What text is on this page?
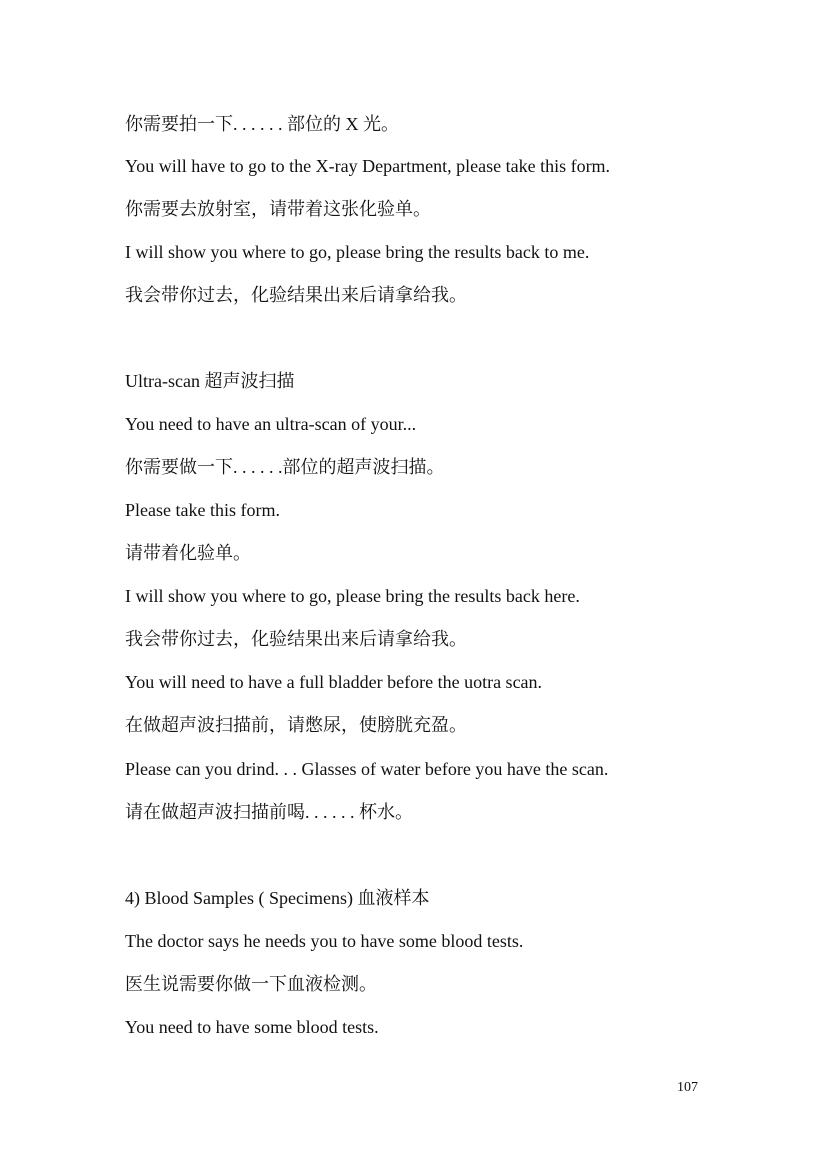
你需要拍一下. . . . . . 部位的 X 光。
You will have to go to the X-ray Department, please take this form.
你需要去放射室，请带着这张化验单。
I will show you where to go, please bring the results back to me.
我会带你过去，化验结果出来后请拿给我。
Ultra-scan 超声波扫描
You need to have an ultra-scan of your...
你需要做一下. . . . . .部位的超声波扫描。
Please take this form.
请带着化验单。
I will show you where to go, please bring the results back here.
我会带你过去，化验结果出来后请拿给我。
You will need to have a full bladder before the uotra scan.
在做超声波扫描前，请憋尿，使膀胱充盈。
Please can you drind. . . Glasses of water before you have the scan.
请在做超声波扫描前喝. . . . . . 杯水。
4) Blood Samples ( Specimens) 血液样本
The doctor says he needs you to have some blood tests.
医生说需要你做一下血液检测。
You need to have some blood tests.
107
